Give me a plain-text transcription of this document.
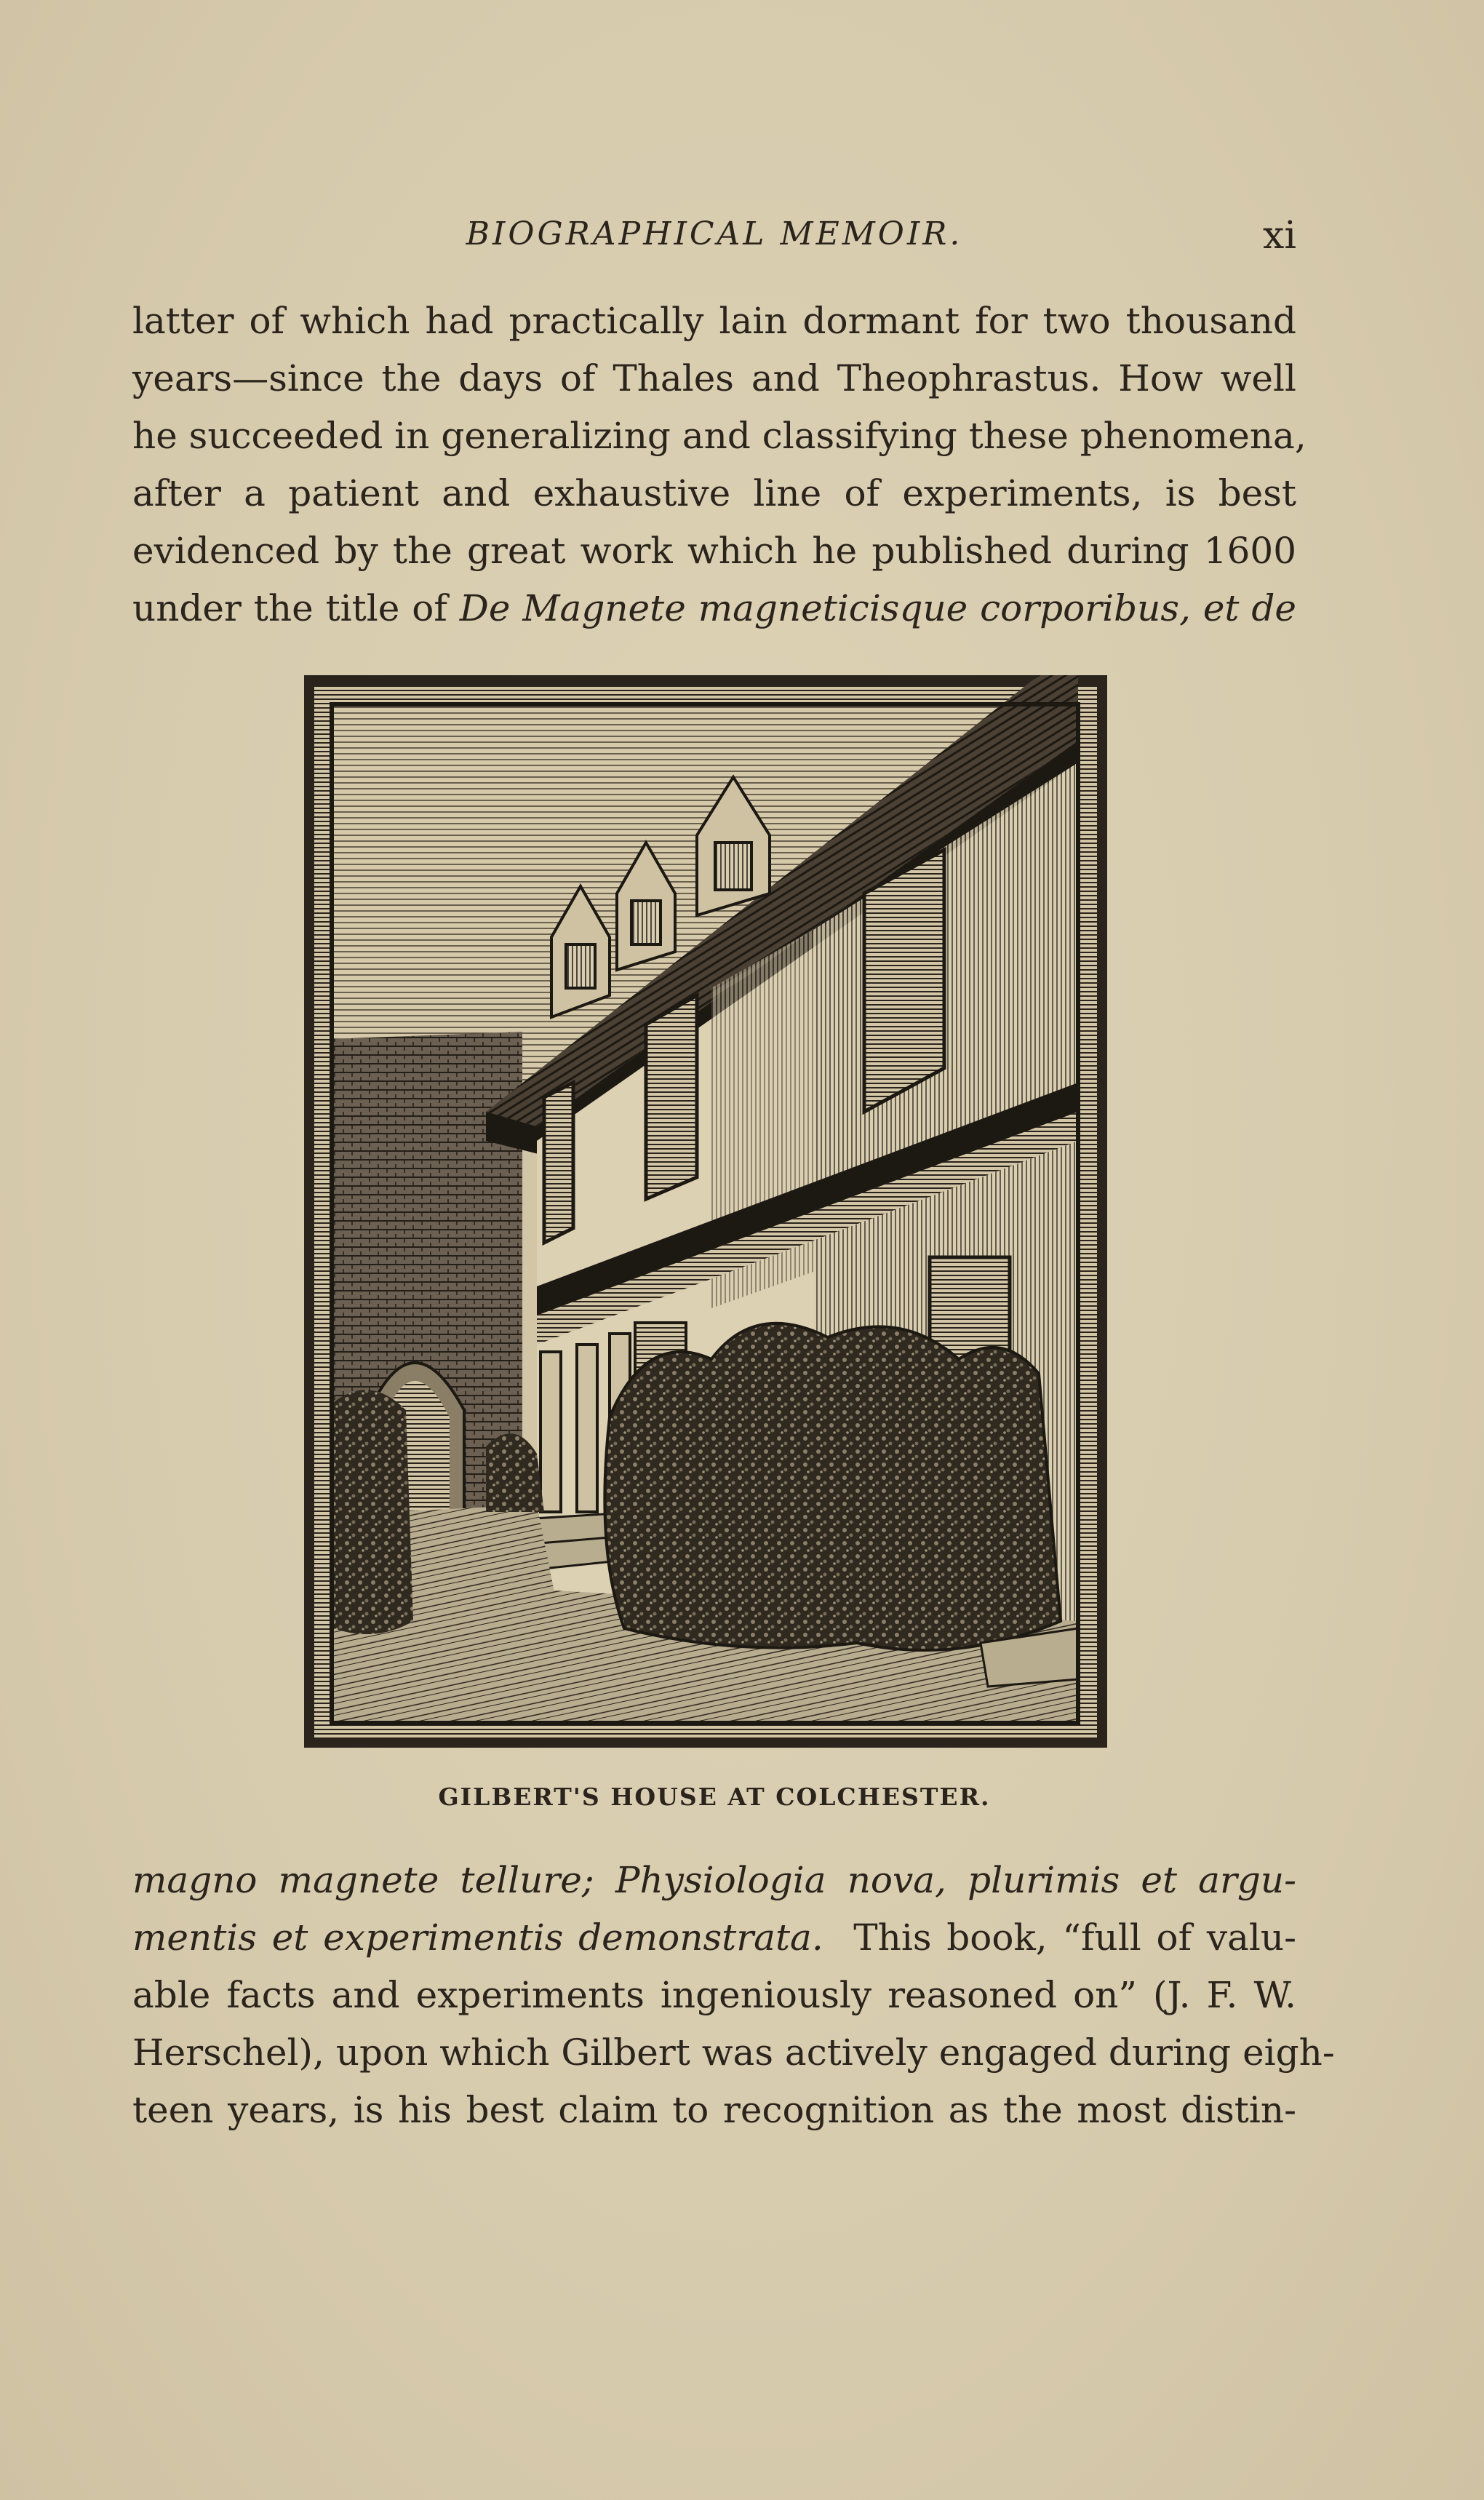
BIOGRAPHICAL MEMOIR.	xi
latter of which had practically lain dormant for two thousand
years—since the days of Thales and Theophrastus. How well
he succeeded in generalizing and classifying these phenomena,
after a patient and exhaustive line of experiments, is best
evidenced by the great work which he published during 1600
under the title of De Magnete magneticisque corporibus, et de
GILBERT'S HOUSE AT COLCHESTER.
magno magnete tellure; Physiologia nova, plurimis et argu-
mentis et experimentis demonstrata.  This book, “full of valu-
able facts and experiments ingeniously reasoned on” (J. F. W.
Herschel), upon which Gilbert was actively engaged during eigh-
teen years, is his best claim to recognition as the most distin-
